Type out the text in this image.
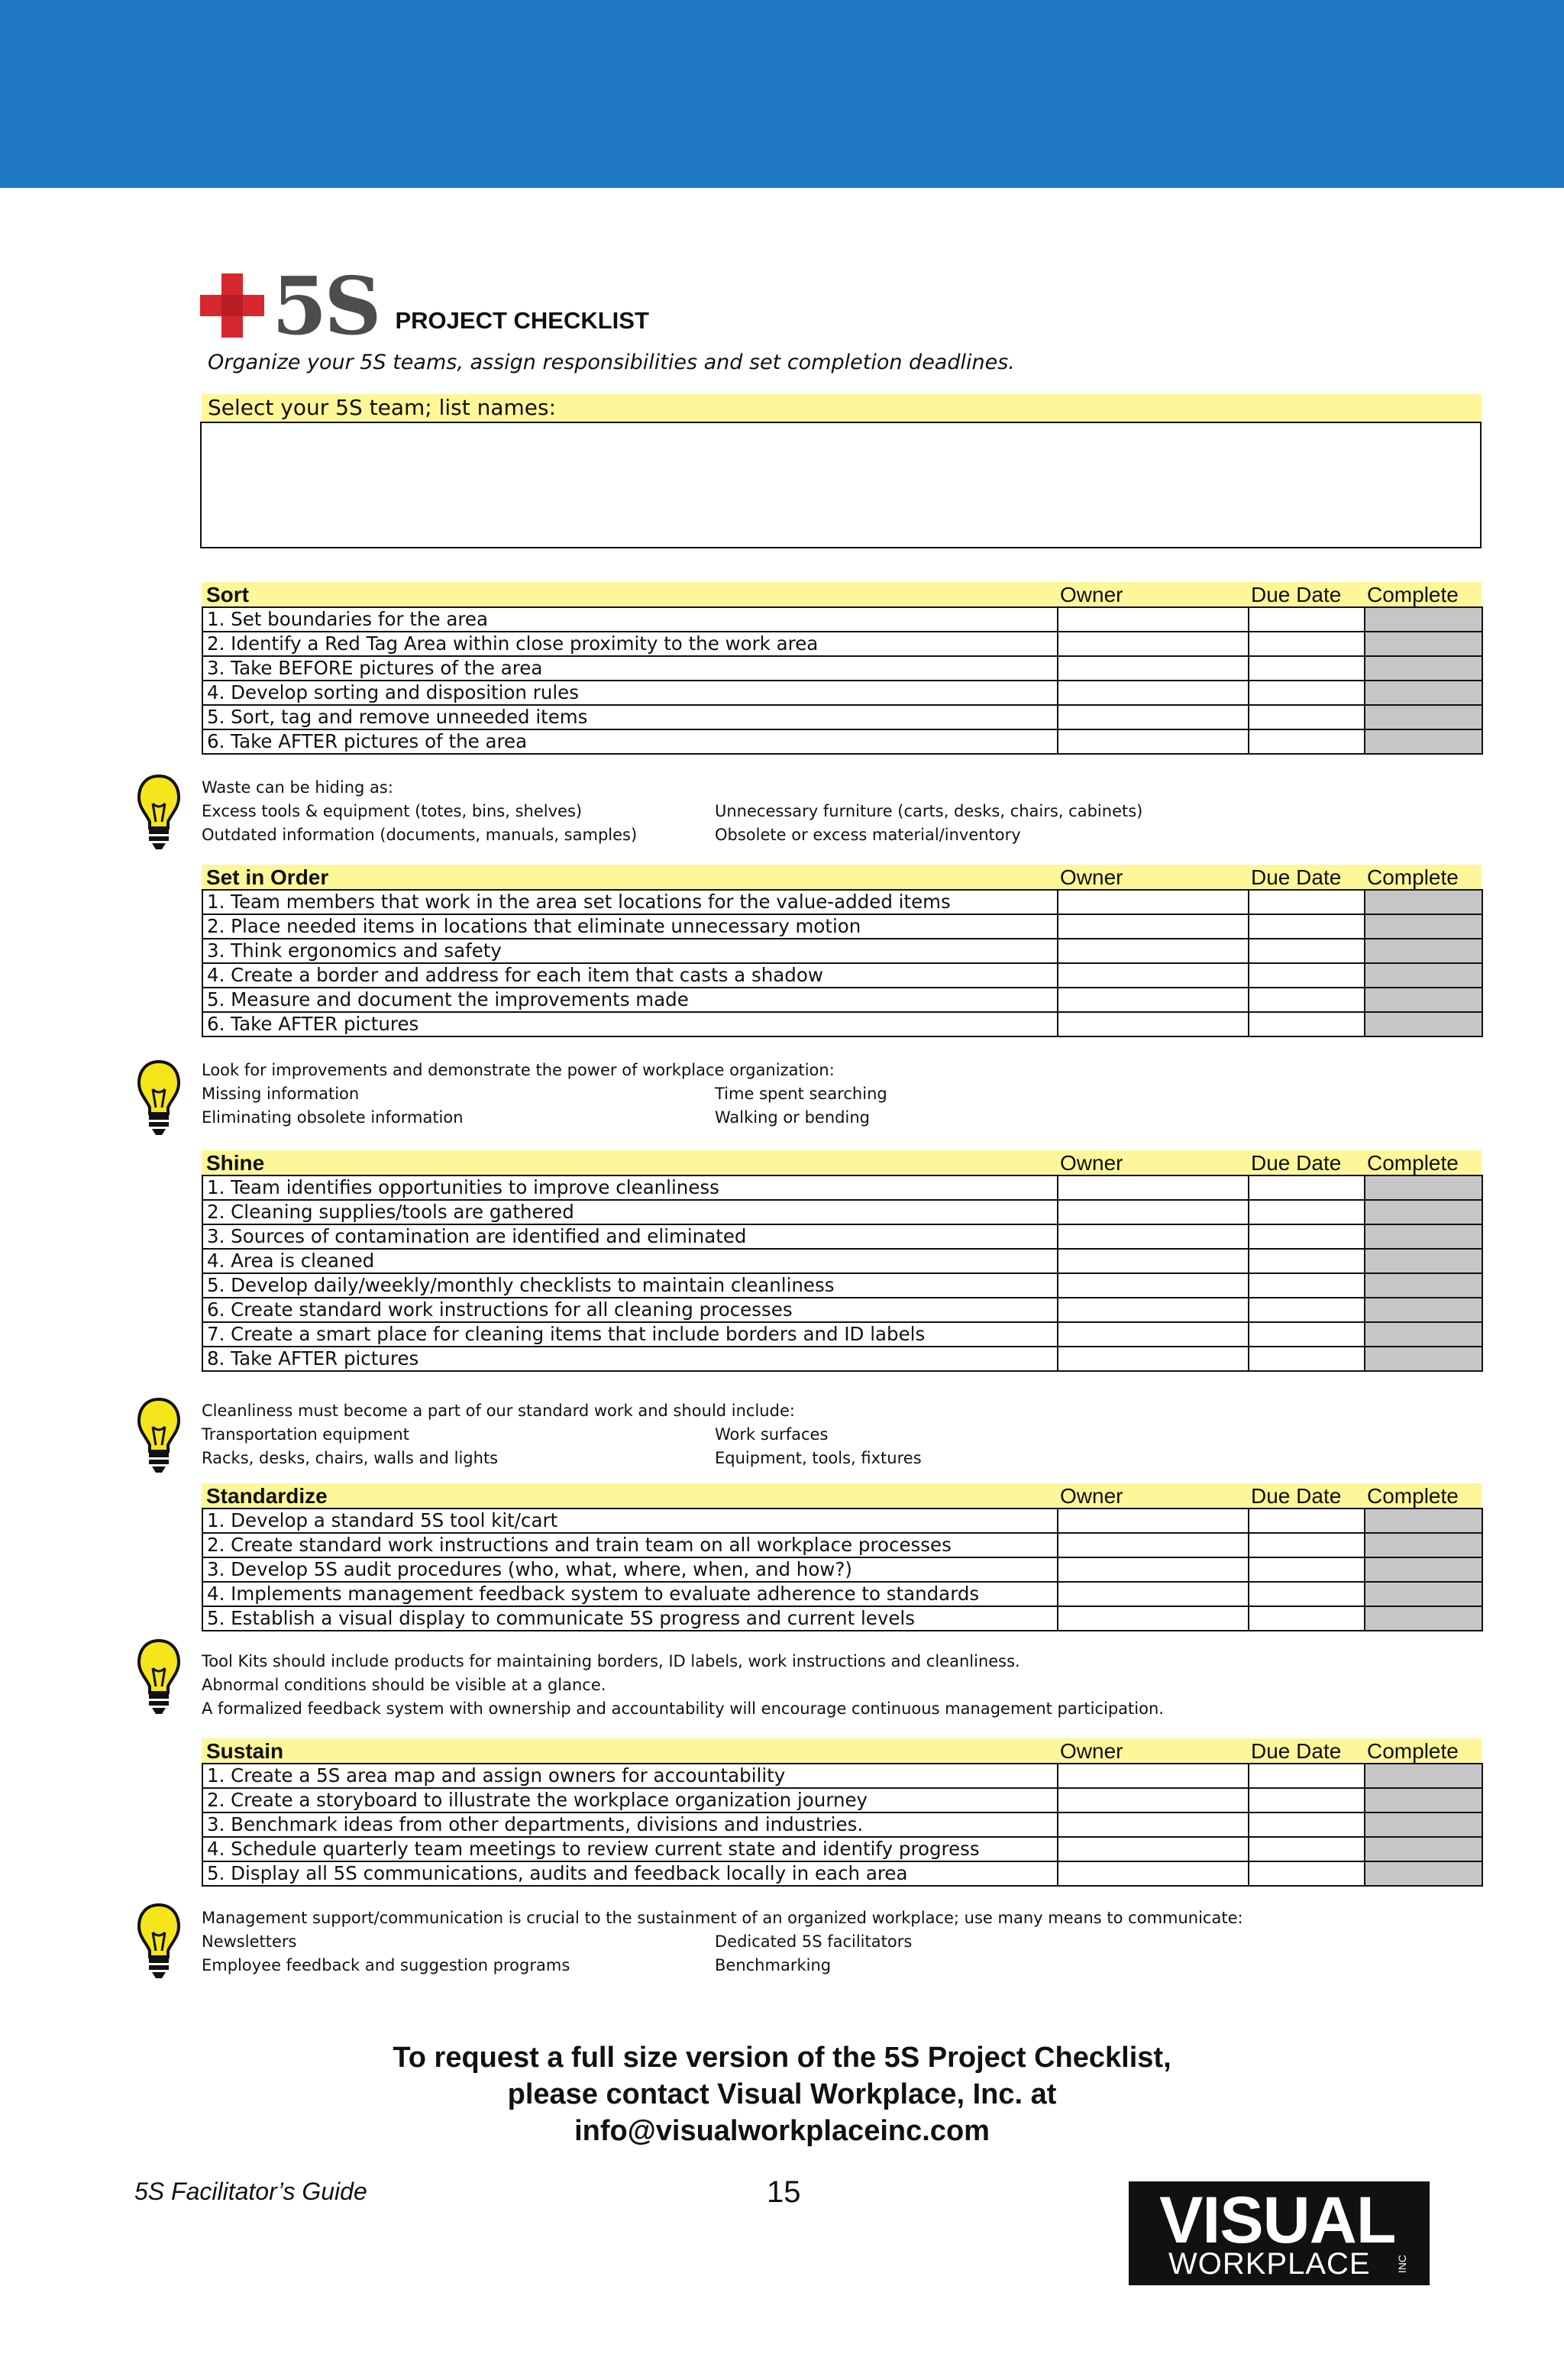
5S PROJECT CHECKLIST
Organize your 5S teams, assign responsibilities and set completion deadlines.
Select your 5S team; list names:
Sort	Owner	Due Date Complete
1. Set boundaries for the area			
2. Identify a Red Tag Area within close proximity to the work area			
3. Take BEFORE pictures of the area			
4. Develop sorting and disposition rules			
5. Sort, tag and remove unneeded items			
6. Take AFTER pictures of the area			
Waste can be hiding as:
Excess tools & equipment (totes, bins, shelves)	Unnecessary furniture (carts, desks, chairs, cabinets)
Outdated information (documents, manuals, samples)	Obsolete or excess material/inventory
Set in Order	Owner	Due Date Complete
1. Team members that work in the area set locations for the value-added items			
2. Place needed items in locations that eliminate unnecessary motion			
3. Think ergonomics and safety			
4. Create a border and address for each item that casts a shadow			
5. Measure and document the improvements made			
6. Take AFTER pictures			
Look for improvements and demonstrate the power of workplace organization:
Missing information	Time spent searching
Eliminating obsolete information	Walking or bending
Shine	Owner	Due Date Complete
1. Team identifies opportunities to improve cleanliness			
2. Cleaning supplies/tools are gathered			
3. Sources of contamination are identified and eliminated			
4. Area is cleaned			
5. Develop daily/weekly/monthly checklists to maintain cleanliness			
6. Create standard work instructions for all cleaning processes			
7. Create a smart place for cleaning items that include borders and ID labels			
8. Take AFTER pictures			
Cleanliness must become a part of our standard work and should include:
Transportation equipment	Work surfaces
Racks, desks, chairs, walls and lights	Equipment, tools, fixtures
Standardize	Owner	Due Date Complete
1. Develop a standard 5S tool kit/cart			
2. Create standard work instructions and train team on all workplace processes			
3. Develop 5S audit procedures (who, what, where, when, and how?)			
4. Implements management feedback system to evaluate adherence to standards			
5. Establish a visual display to communicate 5S progress and current levels			
Tool Kits should include products for maintaining borders, ID labels, work instructions and cleanliness.
Abnormal conditions should be visible at a glance.
A formalized feedback system with ownership and accountability will encourage continuous management participation.
Sustain	Owner	Due Date Complete
1. Create a 5S area map and assign owners for accountability			
2. Create a storyboard to illustrate the workplace organization journey			
3. Benchmark ideas from other departments, divisions and industries.			
4. Schedule quarterly team meetings to review current state and identify progress			
5. Display all 5S communications, audits and feedback locally in each area			
Management support/communication is crucial to the sustainment of an organized workplace; use many means to communicate:
Newsletters	Dedicated 5S facilitators
Employee feedback and suggestion programs	Benchmarking
To request a full size version of the 5S Project Checklist,
please contact Visual Workplace, Inc. at
info@visualworkplaceinc.com
5S Facilitator’s Guide	15	VISUAL
WORKPLACE INC
